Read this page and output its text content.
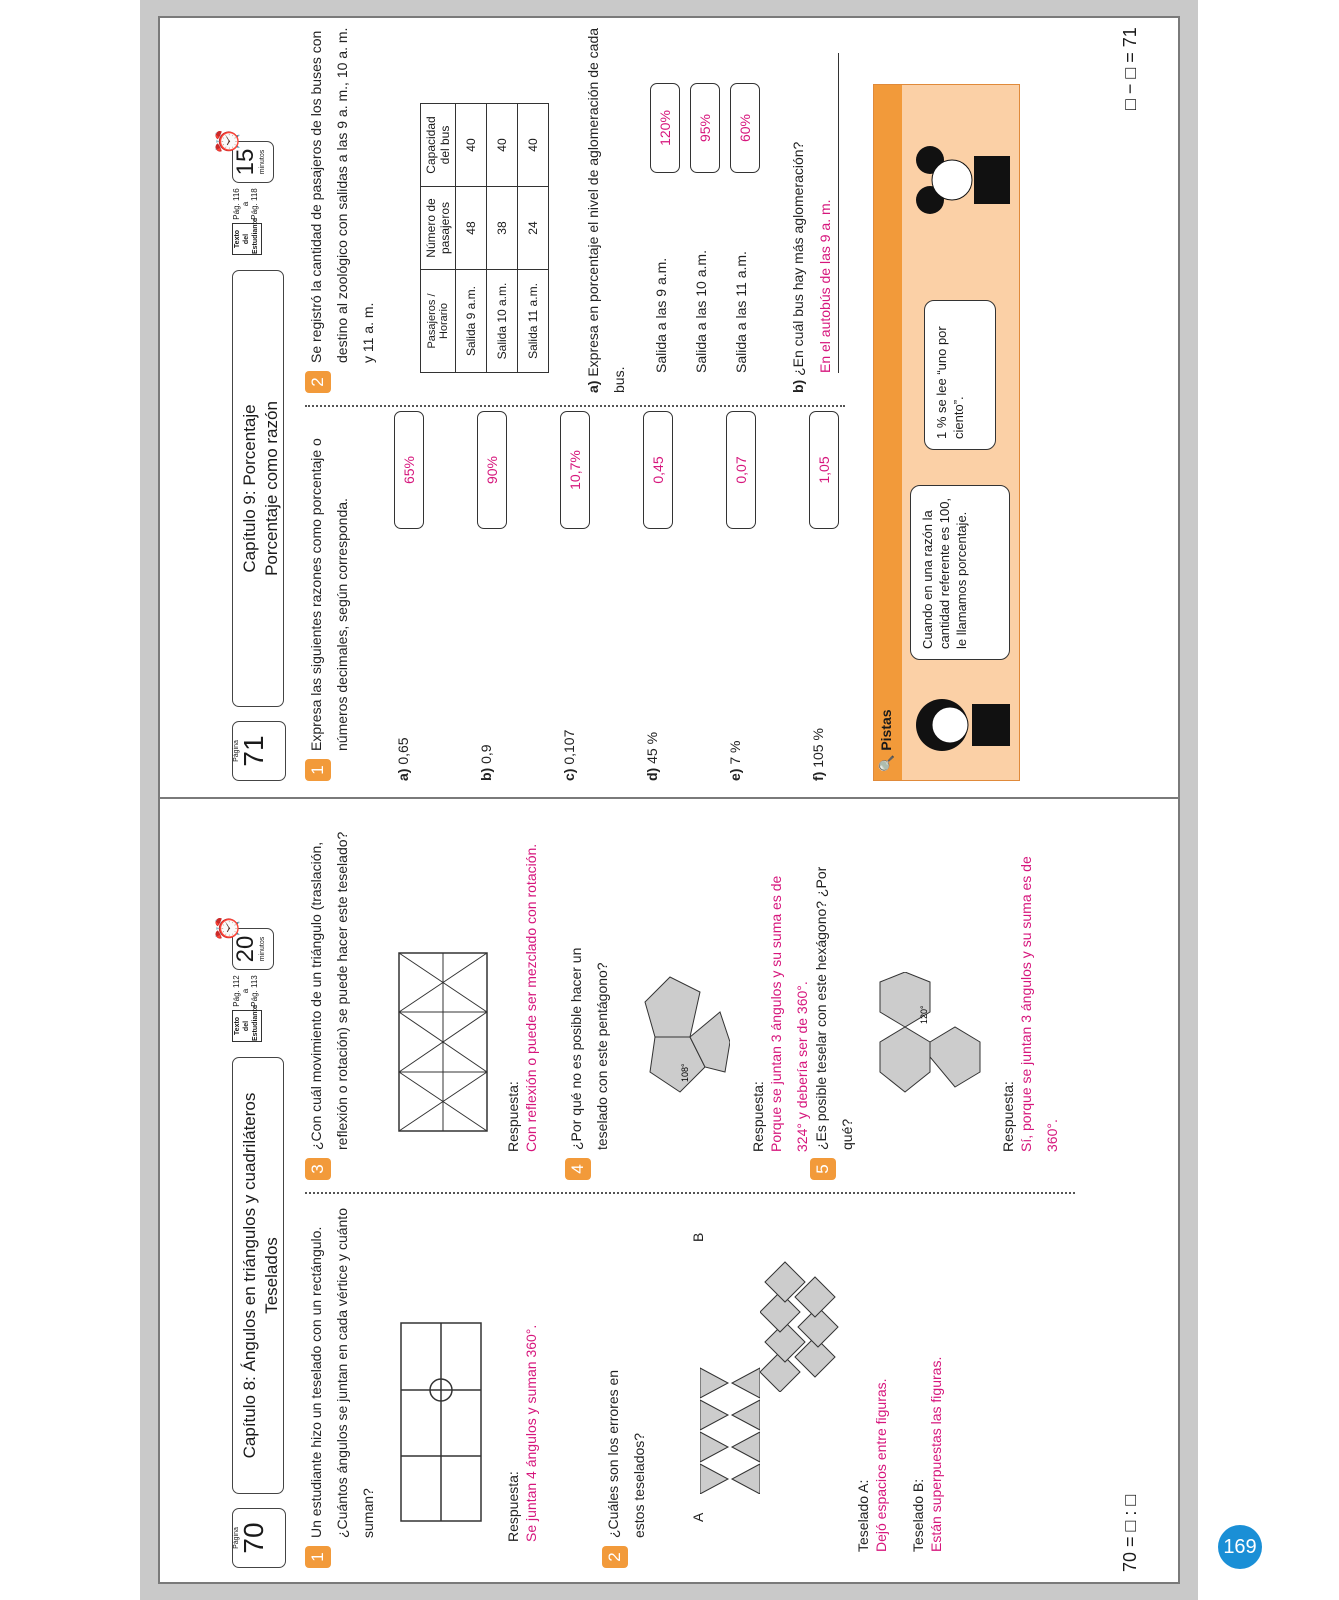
169
Página
71
Capítulo 9: Porcentaje Porcentaje como razón
Texto del Estudiante
Pág. 116 a Pág. 118
15 minutos
⏰
1
Expresa las siguientes razones como porcentaje o números decimales, según corresponda.
a) 0,65
65%
b) 0,9
90%
c) 0,107
10,7%
d) 45 %
0,45
e) 7 %
0,07
f) 105 %
1,05
2
Se registró la cantidad de pasajeros de los buses con destino al zoológico con salidas a las 9 a. m., 10 a. m. y 11 a. m.	Pasajeros / Horario	Número de pasajeros	Capacidad del bus
Salida 9 a.m.	48	40
Salida 10 a.m.	38	40
Salida 11 a.m.	24	40
a) Expresa en porcentaje el nivel de aglomeración de cada bus.
Salida a las 9 a.m.
120%
Salida a las 10 a.m.
95%
Salida a las 11 a.m.
60%
b) ¿En cuál bus hay más aglomeración? En el autobús de las 9 a. m.
🔍 Pistas
Cuando en una razón la cantidad referente es 100, le llamamos porcentaje.
1 % se lee “uno por ciento”.
□ − □ = 71
Página
70
Capítulo 8: Ángulos en triángulos y cuadriláteros Teselados
Texto del Estudiante
Pág. 112 a Pág. 113
20 minutos
⏰
1
Un estudiante hizo un teselado con un rectángulo. ¿Cuántos ángulos se juntan en cada vértice y cuánto suman?	Respuesta: Se juntan 4 ángulos y suman 360°.
2
¿Cuáles son los errores en estos teselados?	A
B
Teselado A: Dejó espacios entre figuras.	Teselado B: Están superpuestas las figuras.
3
¿Con cuál movimiento de un triángulo (traslación, reflexión o rotación) se puede hacer este teselado?	Respuesta: Con reflexión o puede ser mezclado con rotación.
4
¿Por qué no es posible hacer un teselado con este pentágono?	108°
Respuesta: Porque se juntan 3 ángulos y su suma es de 324° y debería ser de 360°.
5
¿Es posible teselar con este hexágono? ¿Por qué?
120°
Respuesta: Sí, porque se juntan 3 ángulos y su suma es de 360°.
70 = □ : □
